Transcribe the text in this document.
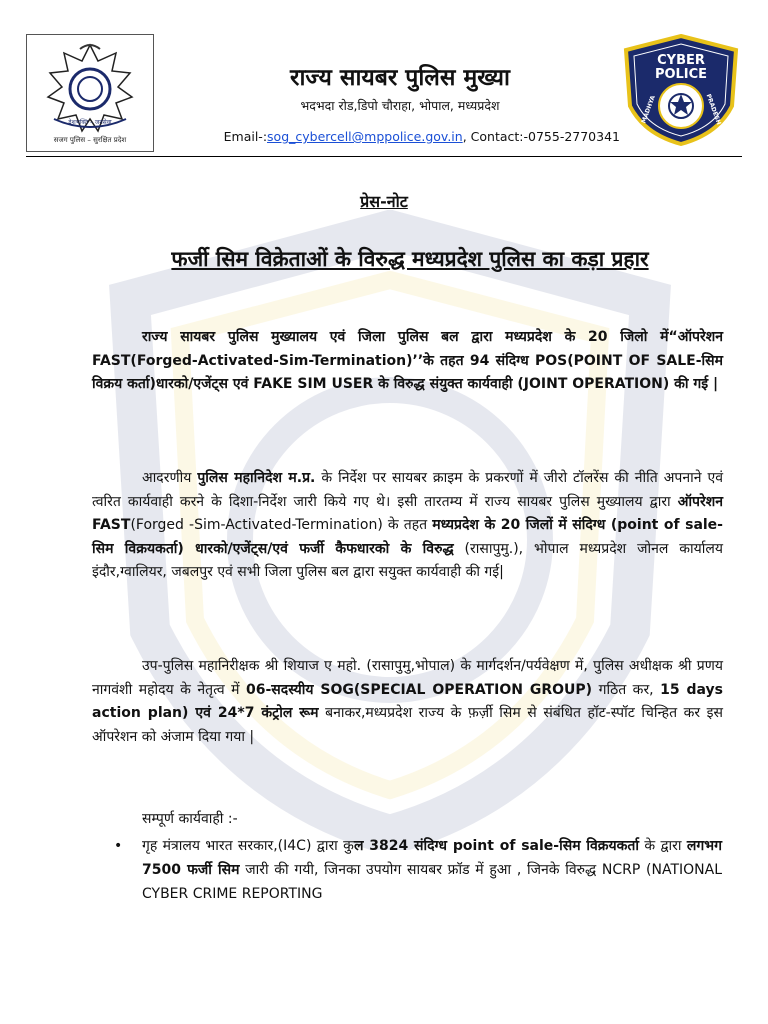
देशभक्ति – जनसेवा
सजग पुलिस – सुरक्षित प्रदेश
राज्य सायबर पुलिस मुख्या
भदभदा रोड,डिपो चौराहा, भोपाल, मध्यप्रदेश
Email-:sog_cybercell@mppolice.gov.in, Contact:-0755-2770341
CYBER
POLICE
MADHYA	PRADESH
प्रेस-नोट
फर्जी सिम विक्रेताओं के विरुद्ध मध्यप्रदेश पुलिस का कड़ा प्रहार

राज्य सायबर पुलिस मुख्यालय एवं जिला पुलिस बल द्वारा मध्यप्रदेश के 20 जिलो में“ऑपरेशन FAST(Forged-Activated-Sim-Termination)’’के तहत 94 संदिग्ध POS(POINT OF SALE-सिम विक्रय कर्ता)धारको/एजेंट्स एवं FAKE SIM USER के विरुद्ध संयुक्त कार्यवाही (JOINT OPERATION) की गई |

आदरणीय पुलिस महानिदेश म.प्र. के निर्देश पर सायबर क्राइम के प्रकरणों में जीरो टॉलरेंस की नीति अपनाने एवं त्वरित कार्यवाही करने के दिशा-निर्देश जारी किये गए थे। इसी तारतम्य में राज्य सायबर पुलिस मुख्यालय द्वारा ऑपरेशन FAST(Forged -Sim-Activated-Termination) के तहत मध्यप्रदेश के 20 जिलों में संदिग्ध (point of sale-सिम विक्रयकर्ता) धारको/एजेंट्स/एवं फर्जी कैफधारको के विरुद्ध (रासापुमु.), भोपाल मध्यप्रदेश जोनल कार्यालय इंदौर,ग्वालियर, जबलपुर एवं सभी जिला पुलिस बल द्वारा सयुक्त कार्यवाही की गई|

उप-पुलिस महानिरीक्षक श्री शियाज ए महो. (रासापुमु,भोपाल) के मार्गदर्शन/पर्यवेक्षण में, पुलिस अधीक्षक श्री प्रणय नागवंशी महोदय के नेतृत्व में 06-सदस्यीय SOG(SPECIAL OPERATION GROUP) गठित कर, 15 days action plan) एवं 24*7 कंट्रोल रूम बनाकर,मध्यप्रदेश राज्य के फ़र्ज़ी सिम से संबंधित हॉट-स्पॉट चिन्हित कर इस ऑपरेशन को अंजाम दिया गया |

सम्पूर्ण कार्यवाही :-

• गृह मंत्रालय भारत सरकार,(I4C) द्वारा कुल 3824 संदिग्ध point of sale-सिम विक्रयकर्ता के द्वारा लगभग 7500 फर्जी सिम जारी की गयी, जिनका उपयोग सायबर फ्रॉड में हुआ , जिनके विरुद्ध NCRP (NATIONAL CYBER CRIME REPORTING
